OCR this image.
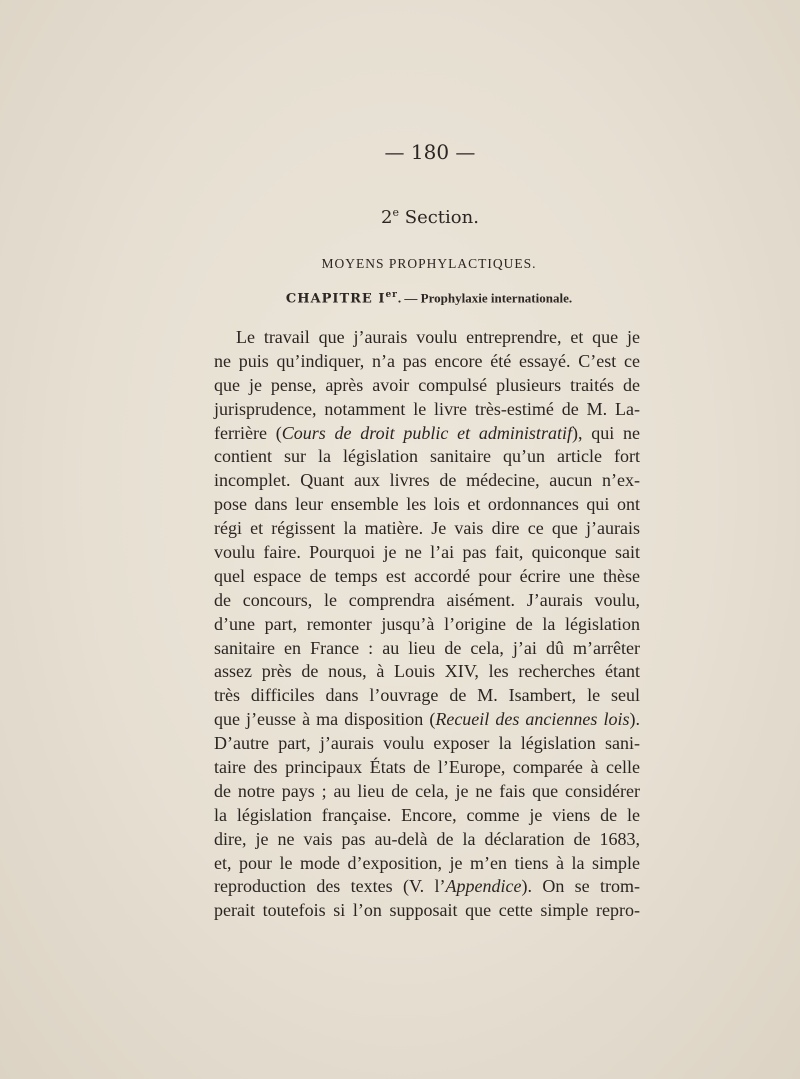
— 180 —
2e Section.
MOYENS PROPHYLACTIQUES.
CHAPITRE Ier. — Prophylaxie internationale.
Le travail que j’aurais voulu entreprendre, et que je
ne puis qu’indiquer, n’a pas encore été essayé. C’est ce
que je pense, après avoir compulsé plusieurs traités de
jurisprudence, notamment le livre très-estimé de M. La-
ferrière (Cours de droit public et administratif), qui ne
contient sur la législation sanitaire qu’un article fort
incomplet. Quant aux livres de médecine, aucun n’ex-
pose dans leur ensemble les lois et ordonnances qui ont
régi et régissent la matière. Je vais dire ce que j’aurais
voulu faire. Pourquoi je ne l’ai pas fait, quiconque sait
quel espace de temps est accordé pour écrire une thèse
de concours, le comprendra aisément. J’aurais voulu,
d’une part, remonter jusqu’à l’origine de la législation
sanitaire en France : au lieu de cela, j’ai dû m’arrêter
assez près de nous, à Louis XIV, les recherches étant
très difficiles dans l’ouvrage de M. Isambert, le seul
que j’eusse à ma disposition (Recueil des anciennes lois).
D’autre part, j’aurais voulu exposer la législation sani-
taire des principaux États de l’Europe, comparée à celle
de notre pays ; au lieu de cela, je ne fais que considérer
la législation française. Encore, comme je viens de le
dire, je ne vais pas au-delà de la déclaration de 1683,
et, pour le mode d’exposition, je m’en tiens à la simple
reproduction des textes (V. l’Appendice). On se trom-
perait toutefois si l’on supposait que cette simple repro-
